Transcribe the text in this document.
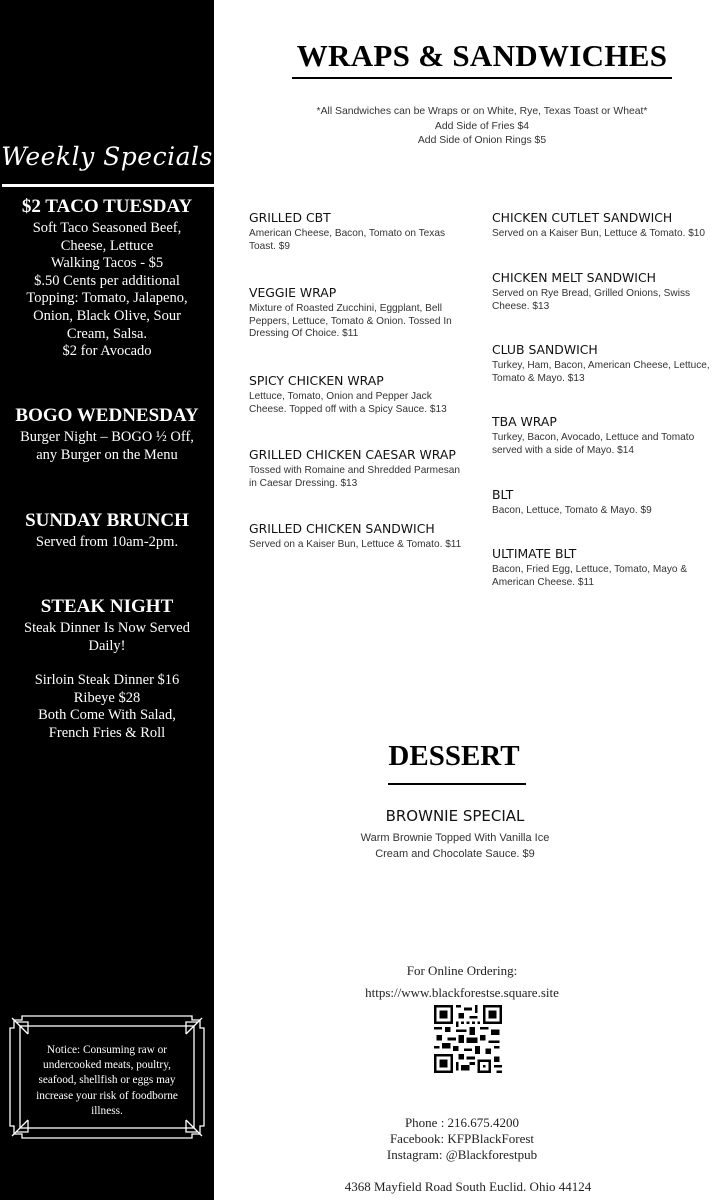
Weekly Specials
$2 TACO TUESDAY
Soft Taco Seasoned Beef,
Cheese, Lettuce
Walking Tacos - $5
$.50 Cents per additional
Topping: Tomato, Jalapeno,
Onion, Black Olive, Sour
Cream, Salsa.
$2 for Avocado
BOGO WEDNESDAY
Burger Night – BOGO ½ Off,
any Burger on the Menu
SUNDAY BRUNCH
Served from 10am-2pm.
STEAK NIGHT
Steak Dinner Is Now Served
Daily!
Sirloin Steak Dinner $16
Ribeye $28
Both Come With Salad,
French Fries & Roll
Notice: Consuming raw or undercooked meats, poultry, seafood, shellfish or eggs may increase your risk of foodborne illness.
WRAPS & SANDWICHES
*All Sandwiches can be Wraps or on White, Rye, Texas Toast or Wheat*
Add Side of Fries $4
Add Side of Onion Rings $5
GRILLED CBT
American Cheese, Bacon, Tomato on Texas Toast. $9
VEGGIE WRAP
Mixture of Roasted Zucchini, Eggplant, Bell Peppers, Lettuce, Tomato & Onion. Tossed In Dressing Of Choice. $11
SPICY CHICKEN WRAP
Lettuce, Tomato, Onion and Pepper Jack Cheese. Topped off with a Spicy Sauce. $13
GRILLED CHICKEN CAESAR WRAP
Tossed with Romaine and Shredded Parmesan in Caesar Dressing. $13
GRILLED CHICKEN SANDWICH
Served on a Kaiser Bun, Lettuce & Tomato. $11
CHICKEN CUTLET SANDWICH
Served on a Kaiser Bun, Lettuce & Tomato. $10
CHICKEN MELT SANDWICH
Served on Rye Bread, Grilled Onions, Swiss Cheese. $13
CLUB SANDWICH
Turkey, Ham, Bacon, American Cheese, Lettuce, Tomato & Mayo. $13
TBA WRAP
Turkey, Bacon, Avocado, Lettuce and Tomato served with a side of Mayo. $14
BLT
Bacon, Lettuce, Tomato & Mayo. $9
ULTIMATE BLT
Bacon, Fried Egg, Lettuce, Tomato, Mayo & American Cheese. $11
DESSERT
BROWNIE SPECIAL
Warm Brownie Topped With Vanilla Ice
Cream and Chocolate Sauce. $9
For Online Ordering:
https://www.blackforestse.square.site
Phone : 216.675.4200
Facebook: KFPBlackForest
Instagram: @Blackforestpub
4368 Mayfield Road South Euclid. Ohio 44124
